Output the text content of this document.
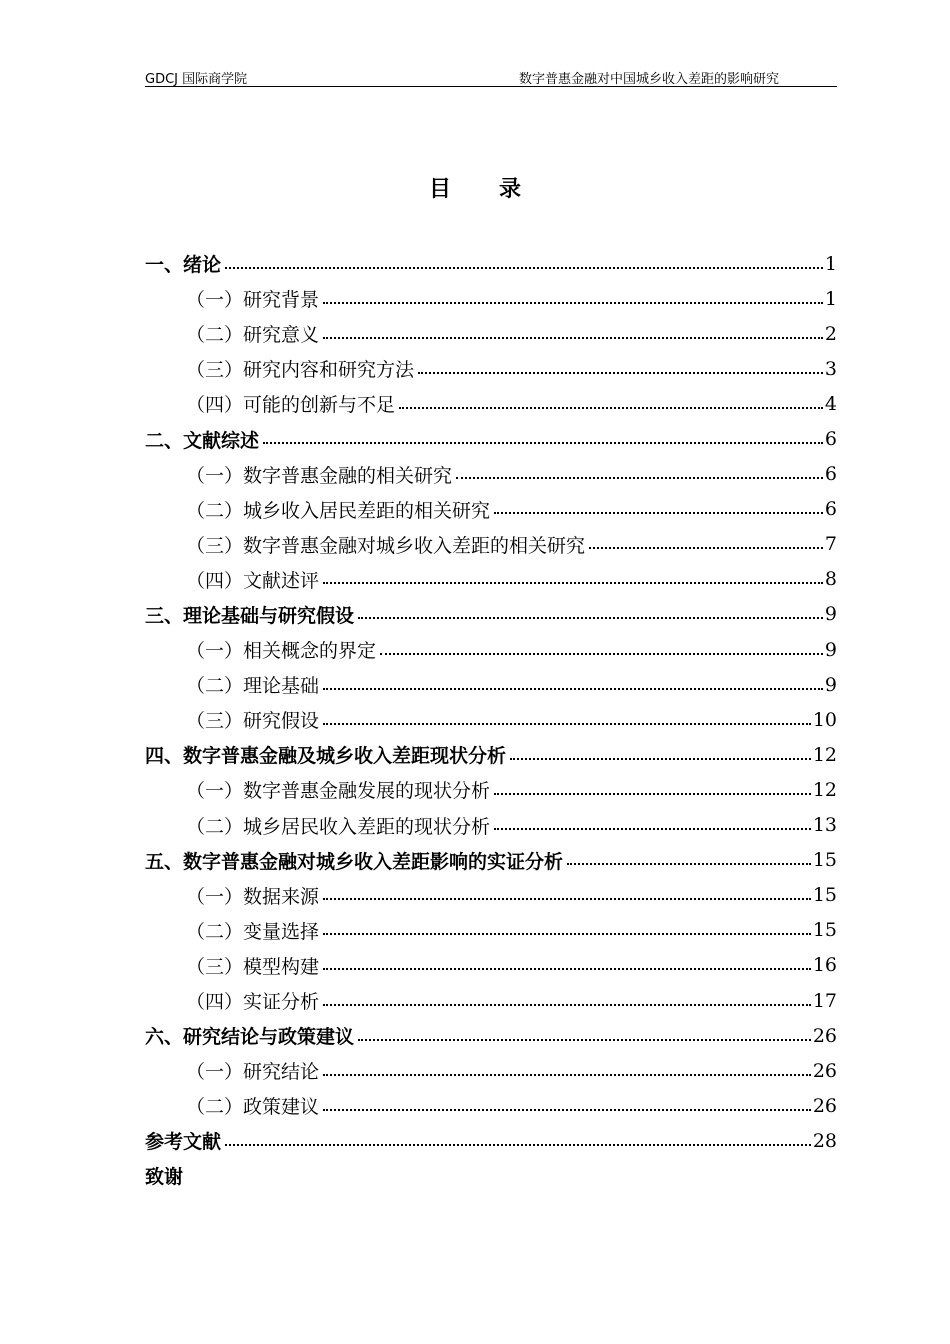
GDCJ 国际商学院	数字普惠金融对中国城乡收入差距的影响研究
目录
一、绪论	1
（一）研究背景	1
（二）研究意义	2
（三）研究内容和研究方法	3
（四）可能的创新与不足	4
二、文献综述	6
（一）数字普惠金融的相关研究	6
（二）城乡收入居民差距的相关研究	6
（三）数字普惠金融对城乡收入差距的相关研究	7
（四）文献述评	8
三、理论基础与研究假设	9
（一）相关概念的界定	9
（二）理论基础	9
（三）研究假设	10
四、数字普惠金融及城乡收入差距现状分析	12
（一）数字普惠金融发展的现状分析	12
（二）城乡居民收入差距的现状分析	13
五、数字普惠金融对城乡收入差距影响的实证分析	15
（一）数据来源	15
（二）变量选择	15
（三）模型构建	16
（四）实证分析	17
六、研究结论与政策建议	26
（一）研究结论	26
（二）政策建议	26
参考文献	28
致谢
